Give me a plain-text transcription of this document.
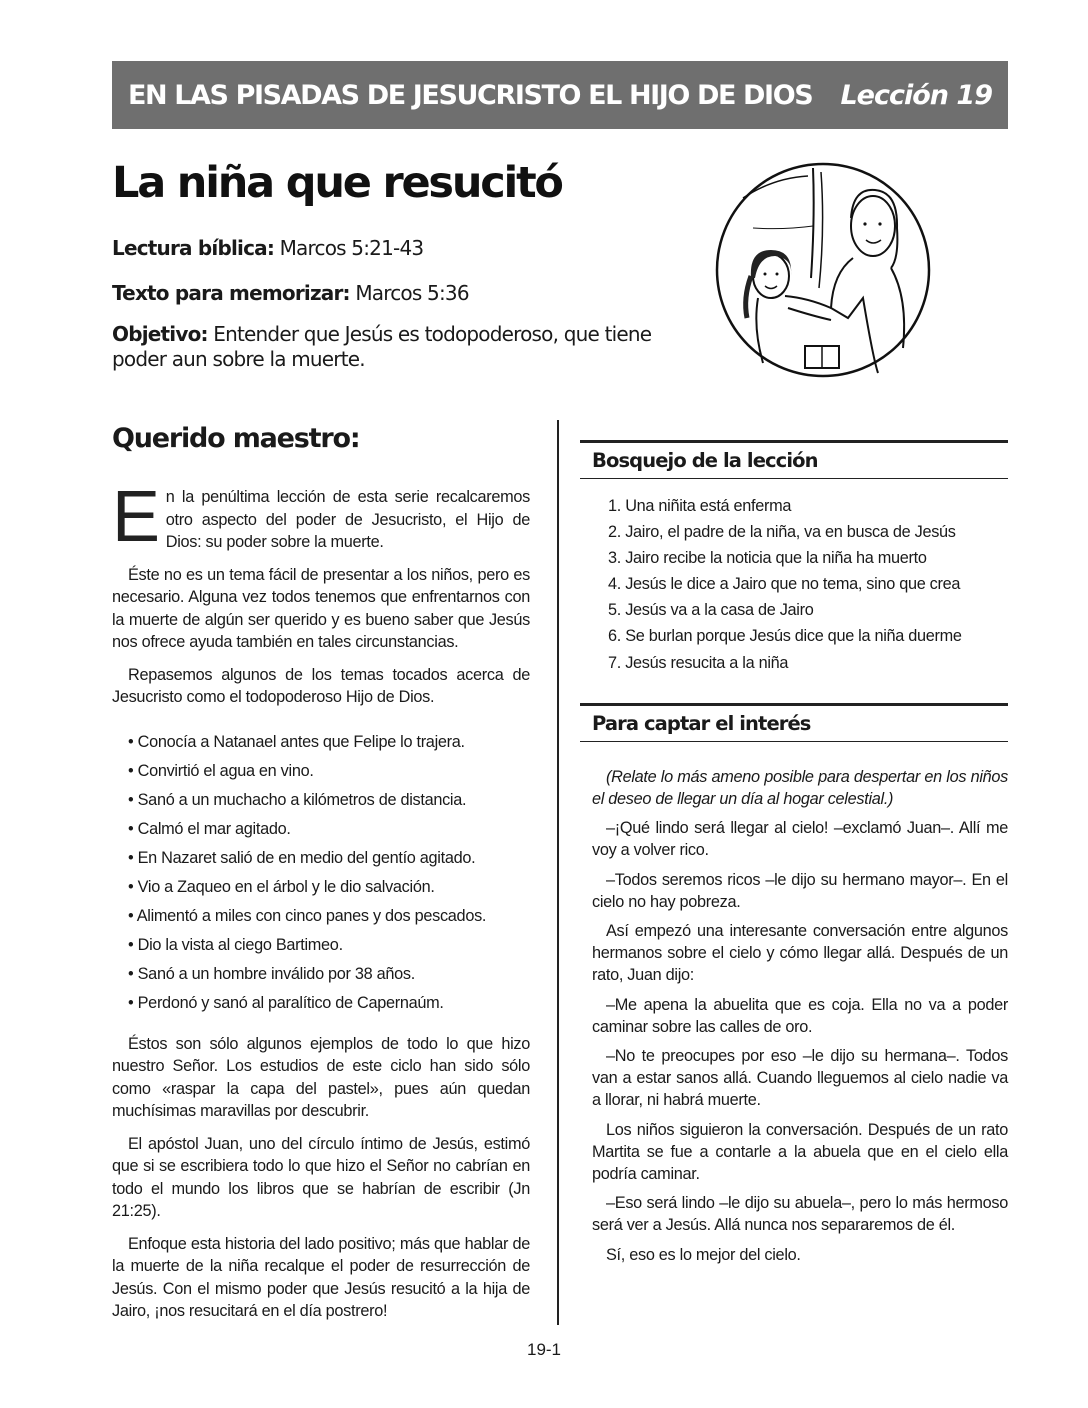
EN LAS PISADAS DE JESUCRISTO EL HIJO DE DIOS Lección 19
La niña que resucitó
Lectura bíblica: Marcos 5:21-43
Texto para memorizar: Marcos 5:36
Objetivo: Entender que Jesús es todopoderoso, que tiene poder aun sobre la muerte.
Querido maestro:

En la penúltima lección de esta serie recalcaremos otro aspecto del poder de Jesucristo, el Hijo de Dios: su poder sobre la muerte.

Éste no es un tema fácil de presentar a los niños, pero es necesario. Alguna vez todos tenemos que enfrentarnos con la muerte de algún ser querido y es bueno saber que Jesús nos ofrece ayuda también en tales circunstancias.

Repasemos algunos de los temas tocados acerca de Jesucristo como el todopoderoso Hijo de Dios.

• Conocía a Natanael antes que Felipe lo trajera.
• Convirtió el agua en vino.
• Sanó a un muchacho a kilómetros de distancia.
• Calmó el mar agitado.
• En Nazaret salió de en medio del gentío agitado.
• Vio a Zaqueo en el árbol y le dio salvación.
• Alimentó a miles con cinco panes y dos pescados.
• Dio la vista al ciego Bartimeo.
• Sanó a un hombre inválido por 38 años.
• Perdonó y sanó al paralítico de Capernaúm.

Éstos son sólo algunos ejemplos de todo lo que hizo nuestro Señor. Los estudios de este ciclo han sido sólo como «raspar la capa del pastel», pues aún quedan muchísimas maravillas por descubrir.

El apóstol Juan, uno del círculo íntimo de Jesús, estimó que si se escribiera todo lo que hizo el Señor no cabrían en todo el mundo los libros que se habrían de escribir (Jn 21:25).

Enfoque esta historia del lado positivo; más que hablar de la muerte de la niña recalque el poder de resurrección de Jesús. Con el mismo poder que Jesús resucitó a la hija de Jairo, ¡nos resucitará en el día postrero!

Bosquejo de la lección
1. Una niñita está enferma
2. Jairo, el padre de la niña, va en busca de Jesús
3. Jairo recibe la noticia que la niña ha muerto
4. Jesús le dice a Jairo que no tema, sino que crea
5. Jesús va a la casa de Jairo
6. Se burlan porque Jesús dice que la niña duerme
7. Jesús resucita a la niña
Para captar el interés

(Relate lo más ameno posible para despertar en los niños el deseo de llegar un día al hogar celestial.)

–¡Qué lindo será llegar al cielo! –exclamó Juan–. Allí me voy a volver rico.

–Todos seremos ricos –le dijo su hermano mayor–. En el cielo no hay pobreza.

Así empezó una interesante conversación entre algunos hermanos sobre el cielo y cómo llegar allá. Después de un rato, Juan dijo:

–Me apena la abuelita que es coja. Ella no va a poder caminar sobre las calles de oro.

–No te preocupes por eso –le dijo su hermana–. Todos van a estar sanos allá. Cuando lleguemos al cielo nadie va a llorar, ni habrá muerte.

Los niños siguieron la conversación. Después de un rato Martita se fue a contarle a la abuela que en el cielo ella podría caminar.

–Eso será lindo –le dijo su abuela–, pero lo más hermoso será ver a Jesús. Allá nunca nos separaremos de él.

Sí, eso es lo mejor del cielo.

19-1
